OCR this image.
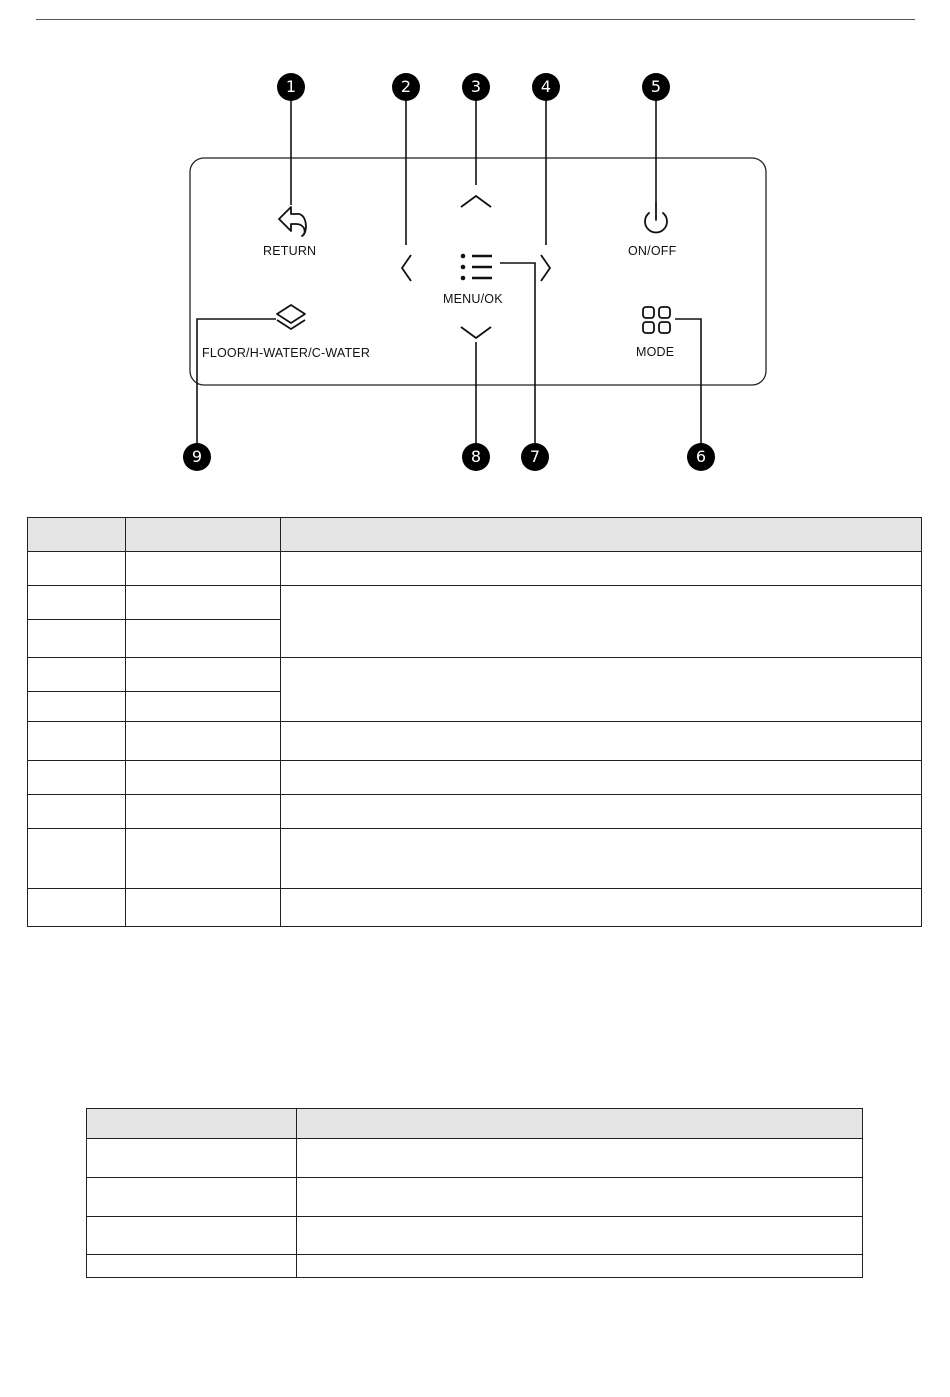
RETURN	ON/OFF
MENU/OK
FLOOR/H-WATER/C-WATER	MODE
1	2	3	4	5
6
7
8
9
